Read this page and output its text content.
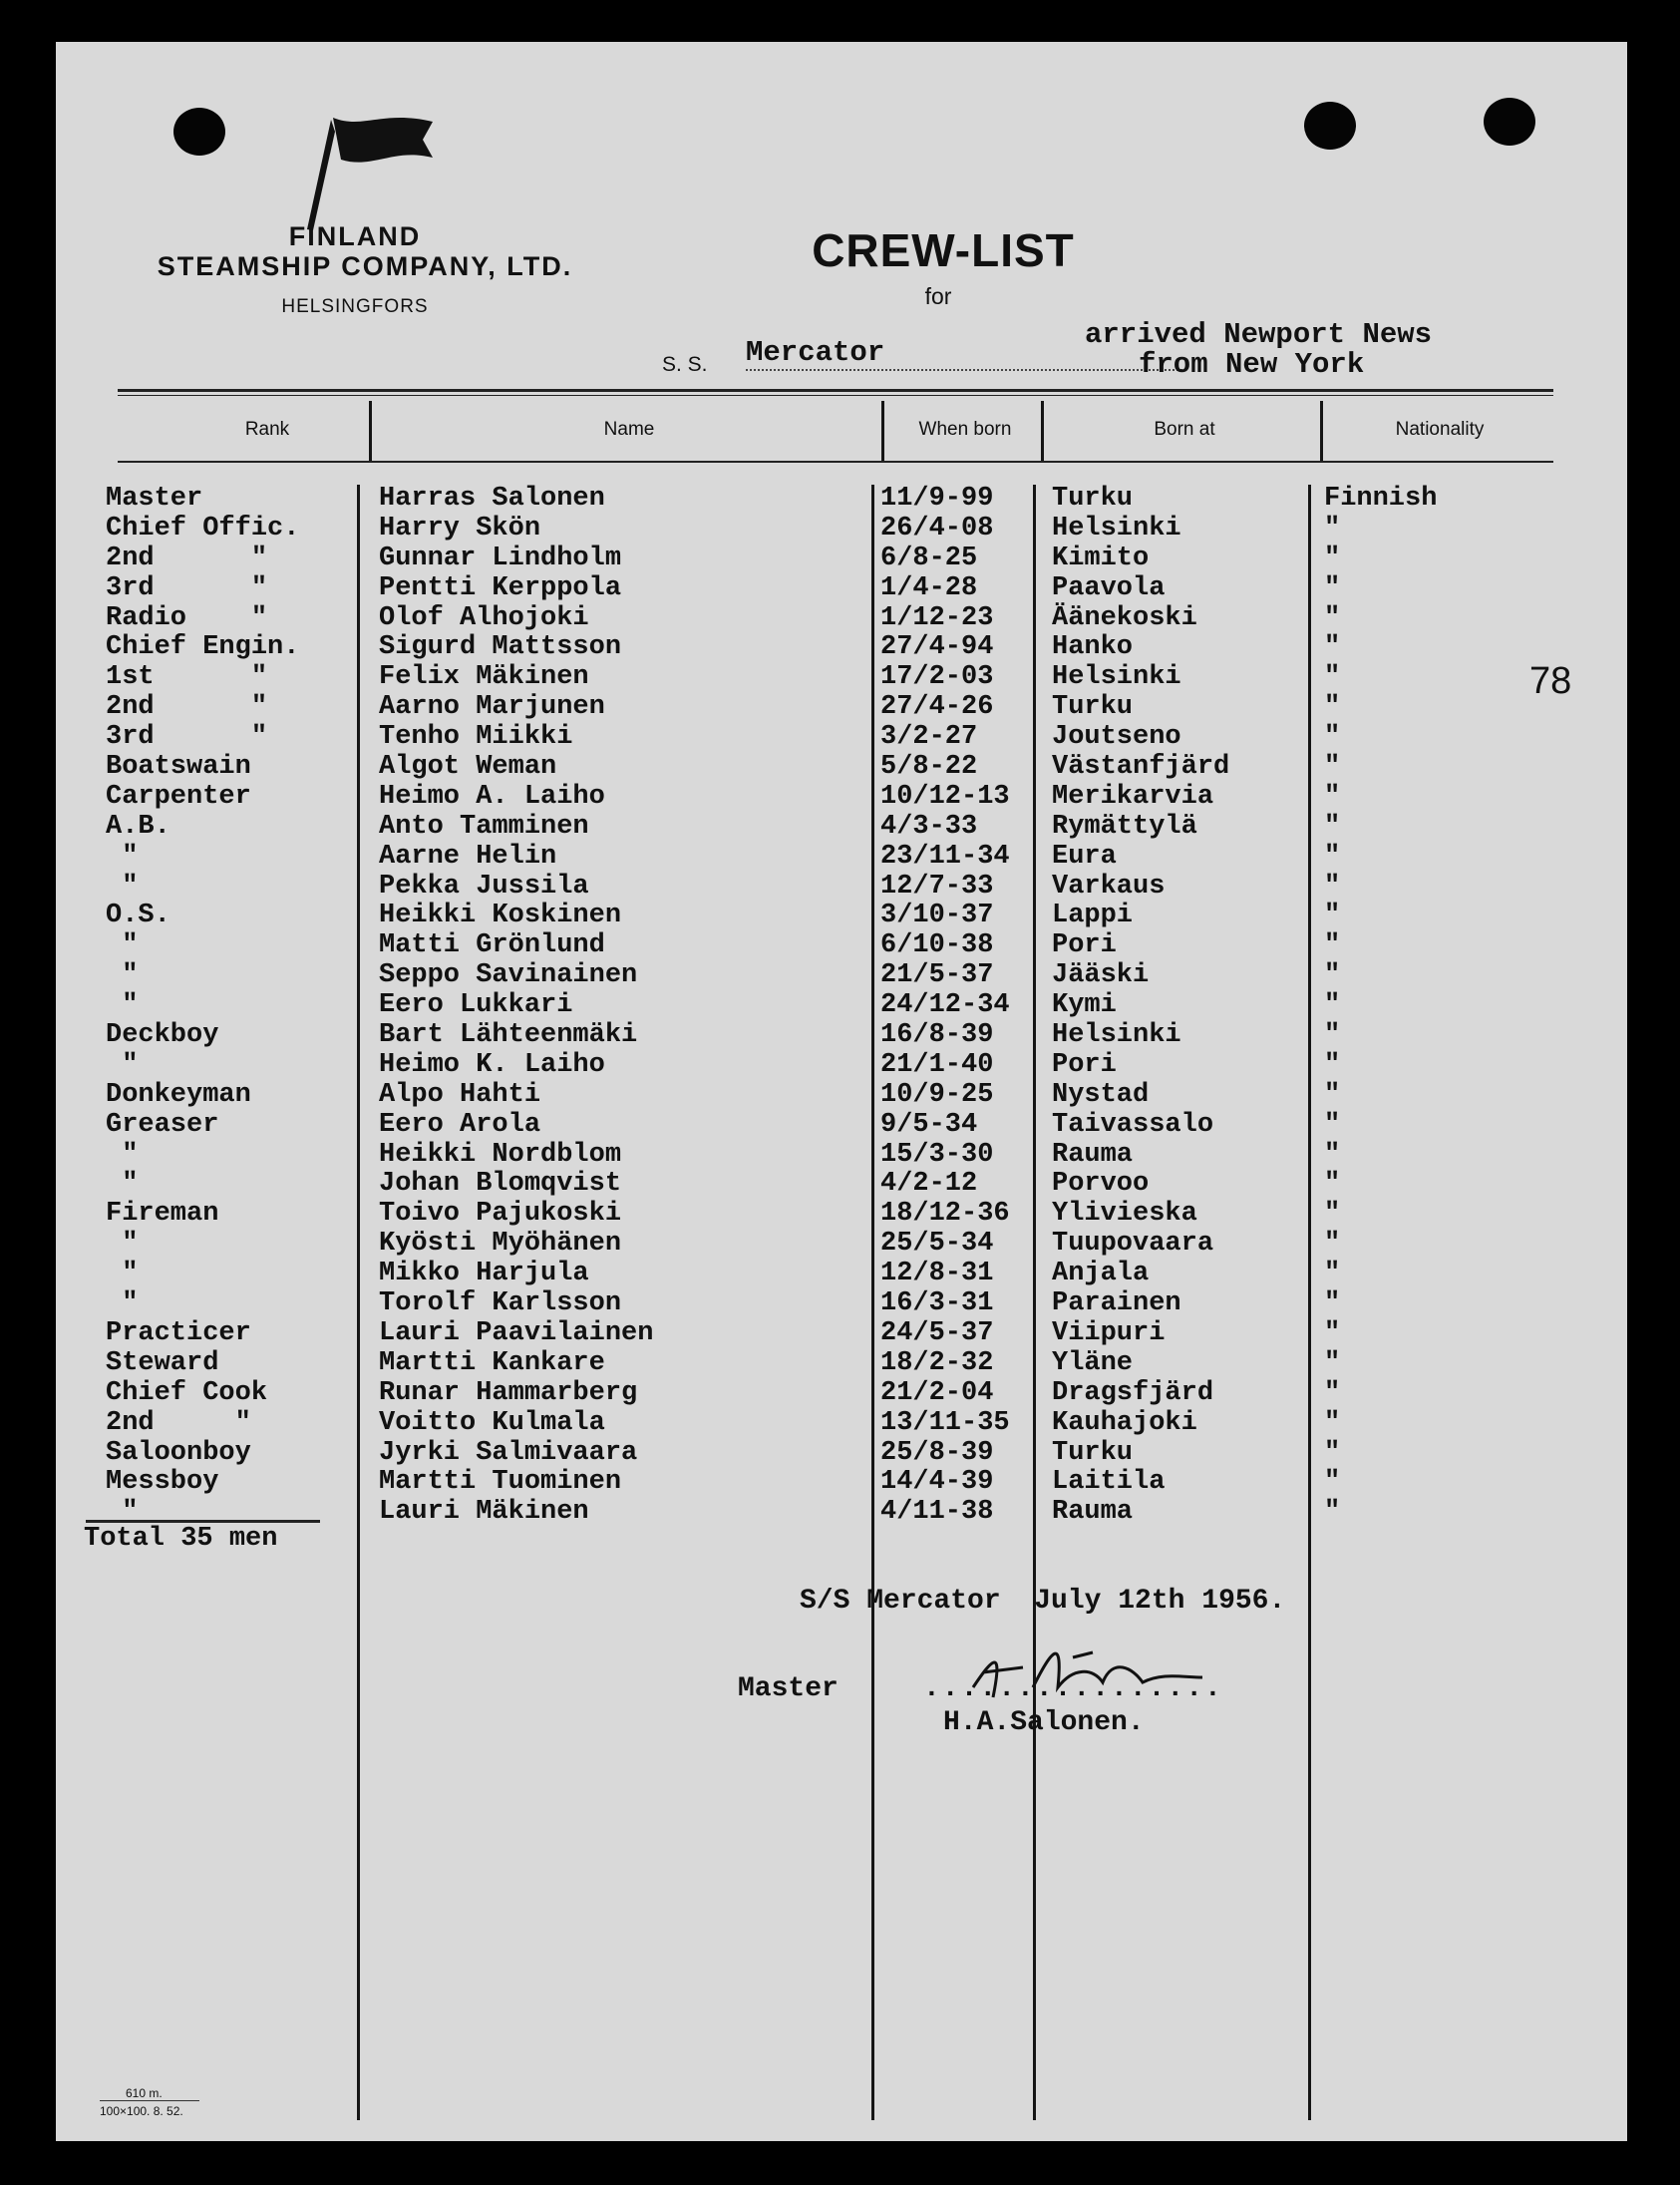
FINLAND
STEAMSHIP COMPANY, LTD.
HELSINGFORS
CREW-LIST
for
S. S. Mercator
arrived Newport News
from New York
Rank	Name	When born	Born at	Nationality
Master	Harras Salonen	11/9-99 Turku	Finnish
Chief Offic.	Harry Skön	26/4-08 Helsinki	"
2nd      "	Gunnar Lindholm	6/8-25	Kimito	"
3rd      "	Pentti Kerppola	1/4-28	Paavola	"
Radio    "	Olof Alhojoki	1/12-23 Äänekoski	"
Chief Engin.	Sigurd Mattsson	27/4-94 Hanko	"
1st      "	Felix Mäkinen	17/2-03 Helsinki	"
2nd      "	Aarno Marjunen	27/4-26 Turku	"
3rd      "	Tenho Miikki	3/2-27	Joutseno	"
Boatswain	Algot Weman	5/8-22	Västanfjärd	"
Carpenter	Heimo A. Laiho	10/12-13 Merikarvia	"
A.B.	Anto Tamminen	4/3-33	Rymättylä	"
"	Aarne Helin	23/11-34 Eura	"
"	Pekka Jussila	12/7-33 Varkaus	"
O.S.	Heikki Koskinen	3/10-37 Lappi	"
"	Matti Grönlund	6/10-38 Pori	"
"	Seppo Savinainen	21/5-37 Jääski	"
"	Eero Lukkari	24/12-34 Kymi	"
Deckboy	Bart Lähteenmäki	16/8-39 Helsinki	"
"	Heimo K. Laiho	21/1-40 Pori	"
Donkeyman	Alpo Hahti	10/9-25 Nystad	"
Greaser	Eero Arola	9/5-34	Taivassalo	"
"	Heikki Nordblom	15/3-30 Rauma	"
"	Johan Blomqvist	4/2-12	Porvoo	"
Fireman	Toivo Pajukoski	18/12-36 Ylivieska	"
"	Kyösti Myöhänen	25/5-34 Tuupovaara	"
"	Mikko Harjula	12/8-31 Anjala	"
"	Torolf Karlsson	16/3-31 Parainen	"
Practicer	Lauri Paavilainen	24/5-37 Viipuri	"
Steward	Martti Kankare	18/2-32 Yläne	"
Chief Cook	Runar Hammarberg	21/2-04 Dragsfjärd	"
2nd     "	Voitto Kulmala	13/11-35 Kauhajoki	"
Saloonboy	Jyrki Salmivaara	25/8-39 Turku	"
Messboy	Martti Tuominen	14/4-39 Laitila	"
"	Lauri Mäkinen	4/11-38 Rauma	"
Total 35 men
78
S/S Mercator  July 12th 1956.
Master	................
H.A.Salonen.
610 m.
100×100. 8. 52.
